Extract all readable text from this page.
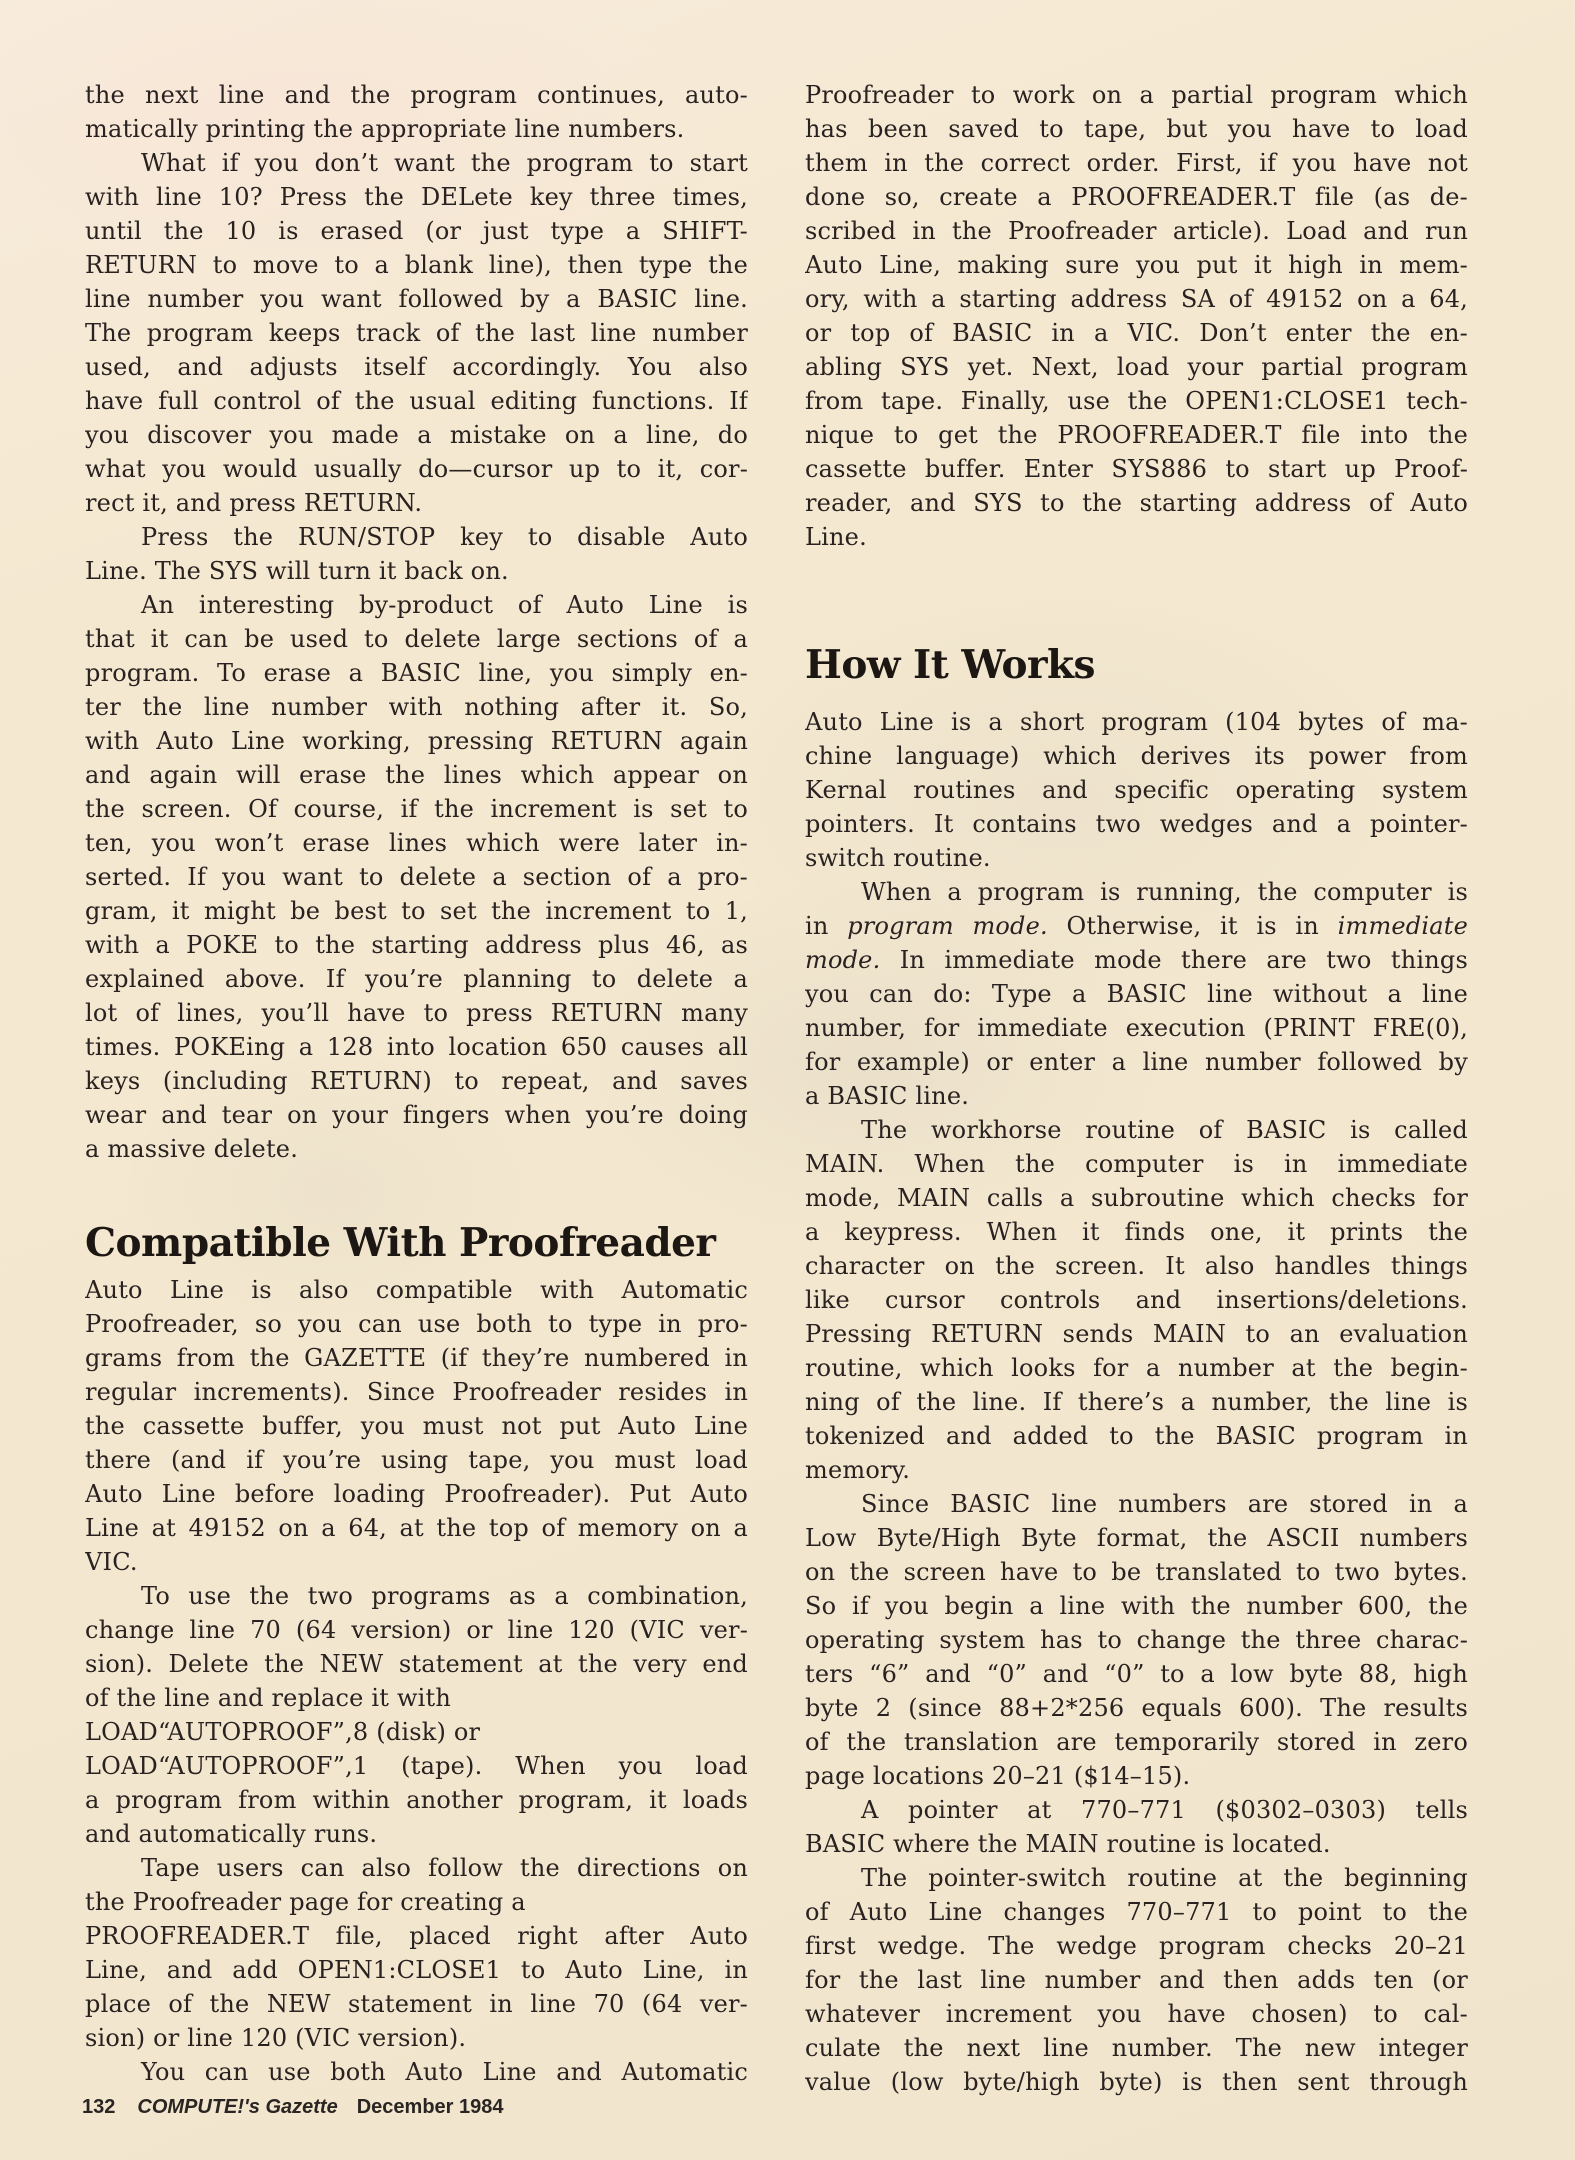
the next line and the program continues, auto-
matically printing the appropriate line numbers.
What if you don’t want the program to start
with line 10? Press the DELete key three times,
until the 10 is erased (or just type a SHIFT-
RETURN to move to a blank line), then type the
line number you want followed by a BASIC line.
The program keeps track of the last line number
used, and adjusts itself accordingly. You also
have full control of the usual editing functions. If
you discover you made a mistake on a line, do
what you would usually do—cursor up to it, cor-
rect it, and press RETURN.
Press the RUN/STOP key to disable Auto
Line. The SYS will turn it back on.
An interesting by-product of Auto Line is
that it can be used to delete large sections of a
program. To erase a BASIC line, you simply en-
ter the line number with nothing after it. So,
with Auto Line working, pressing RETURN again
and again will erase the lines which appear on
the screen. Of course, if the increment is set to
ten, you won’t erase lines which were later in-
serted. If you want to delete a section of a pro-
gram, it might be best to set the increment to 1,
with a POKE to the starting address plus 46, as
explained above. If you’re planning to delete a
lot of lines, you’ll have to press RETURN many
times. POKEing a 128 into location 650 causes all
keys (including RETURN) to repeat, and saves
wear and tear on your fingers when you’re doing
a massive delete.
Compatible With Proofreader
Auto Line is also compatible with Automatic
Proofreader, so you can use both to type in pro-
grams from the GAZETTE (if they’re numbered in
regular increments). Since Proofreader resides in
the cassette buffer, you must not put Auto Line
there (and if you’re using tape, you must load
Auto Line before loading Proofreader). Put Auto
Line at 49152 on a 64, at the top of memory on a
VIC.
To use the two programs as a combination,
change line 70 (64 version) or line 120 (VIC ver-
sion). Delete the NEW statement at the very end
of the line and replace it with
LOAD“AUTOPROOF”,8 (disk) or
LOAD“AUTOPROOF”,1 (tape). When you load
a program from within another program, it loads
and automatically runs.
Tape users can also follow the directions on
the Proofreader page for creating a
PROOFREADER.T file, placed right after Auto
Line, and add OPEN1:CLOSE1 to Auto Line, in
place of the NEW statement in line 70 (64 ver-
sion) or line 120 (VIC version).
You can use both Auto Line and Automatic
Proofreader to work on a partial program which
has been saved to tape, but you have to load
them in the correct order. First, if you have not
done so, create a PROOFREADER.T file (as de-
scribed in the Proofreader article). Load and run
Auto Line, making sure you put it high in mem-
ory, with a starting address SA of 49152 on a 64,
or top of BASIC in a VIC. Don’t enter the en-
abling SYS yet. Next, load your partial program
from tape. Finally, use the OPEN1:CLOSE1 tech-
nique to get the PROOFREADER.T file into the
cassette buffer. Enter SYS886 to start up Proof-
reader, and SYS to the starting address of Auto
Line.
How It Works
Auto Line is a short program (104 bytes of ma-
chine language) which derives its power from
Kernal routines and specific operating system
pointers. It contains two wedges and a pointer-
switch routine.
When a program is running, the computer is
in program mode. Otherwise, it is in immediate
mode. In immediate mode there are two things
you can do: Type a BASIC line without a line
number, for immediate execution (PRINT FRE(0),
for example) or enter a line number followed by
a BASIC line.
The workhorse routine of BASIC is called
MAIN. When the computer is in immediate
mode, MAIN calls a subroutine which checks for
a keypress. When it finds one, it prints the
character on the screen. It also handles things
like cursor controls and insertions/deletions.
Pressing RETURN sends MAIN to an evaluation
routine, which looks for a number at the begin-
ning of the line. If there’s a number, the line is
tokenized and added to the BASIC program in
memory.
Since BASIC line numbers are stored in a
Low Byte/High Byte format, the ASCII numbers
on the screen have to be translated to two bytes.
So if you begin a line with the number 600, the
operating system has to change the three charac-
ters “6” and “0” and “0” to a low byte 88, high
byte 2 (since 88+2*256 equals 600). The results
of the translation are temporarily stored in zero
page locations 20–21 ($14–15).
A pointer at 770–771 ($0302–0303) tells
BASIC where the MAIN routine is located.
The pointer-switch routine at the beginning
of Auto Line changes 770–771 to point to the
first wedge. The wedge program checks 20–21
for the last line number and then adds ten (or
whatever increment you have chosen) to cal-
culate the next line number. The new integer
value (low byte/high byte) is then sent through
132 COMPUTE!'s Gazette December 1984
